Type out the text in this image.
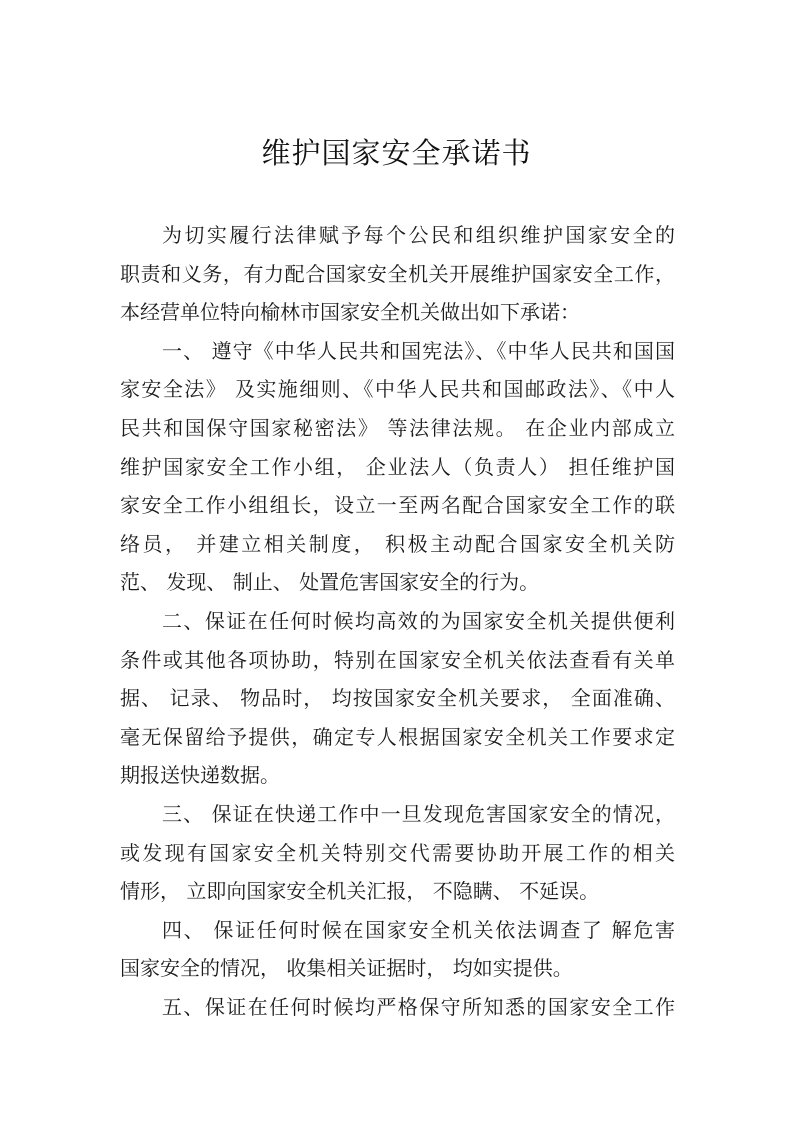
维护国家安全承诺书
为切实履行法律赋予每个公民和组织维护国家安全的
职责和义务，有力配合国家安全机关开展维护国家安全工作，
本经营单位特向榆林市国家安全机关做出如下承诺：
一、 遵守《中华人民共和国宪法》、《中华人民共和国国
家安全法》 及实施细则、《中华人民共和国邮政法》、《中人
民共和国保守国家秘密法》 等法律法规。 在企业内部成立
维护国家安全工作小组， 企业法人（负责人） 担任维护国
家安全工作小组组长，设立一至两名配合国家安全工作的联
络员， 并建立相关制度， 积极主动配合国家安全机关防
范、 发现、 制止、 处置危害国家安全的行为。
二、保证在任何时候均高效的为国家安全机关提供便利
条件或其他各项协助，特别在国家安全机关依法查看有关单
据、 记录、 物品时， 均按国家安全机关要求， 全面准确、
毫无保留给予提供，确定专人根据国家安全机关工作要求定
期报送快递数据。
三、 保证在快递工作中一旦发现危害国家安全的情况，
或发现有国家安全机关特别交代需要协助开展工作的相关
情形， 立即向国家安全机关汇报， 不隐瞒、 不延误。
四、 保证任何时候在国家安全机关依法调查了 解危害
国家安全的情况， 收集相关证据时， 均如实提供。
五、保证在任何时候均严格保守所知悉的国家安全工作
